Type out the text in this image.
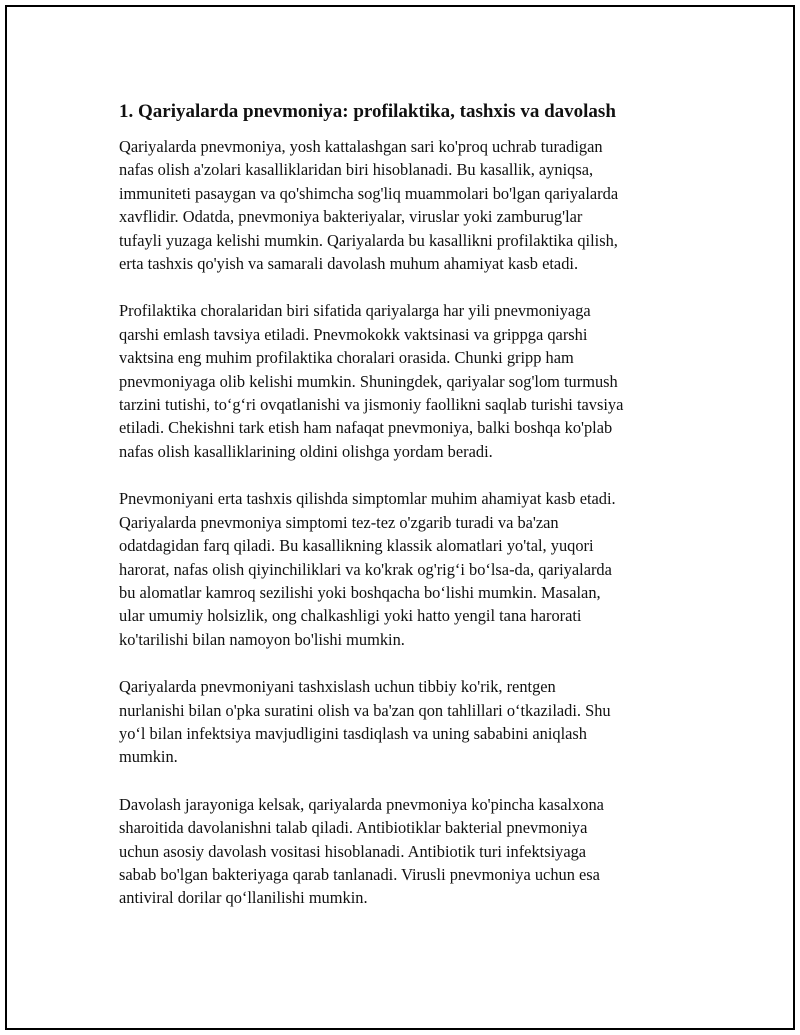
1. Qariyalarda pnevmoniya: profilaktika, tashxis va davolash

Qariyalarda pnevmoniya, yosh kattalashgan sari ko'proq uchrab turadigan
nafas olish a'zolari kasalliklaridan biri hisoblanadi. Bu kasallik, ayniqsa,
immuniteti pasaygan va qo'shimcha sog'liq muammolari bo'lgan qariyalarda
xavflidir. Odatda, pnevmoniya bakteriyalar, viruslar yoki zamburug'lar
tufayli yuzaga kelishi mumkin. Qariyalarda bu kasallikni profilaktika qilish,
erta tashxis qo'yish va samarali davolash muhum ahamiyat kasb etadi.

Profilaktika choralaridan biri sifatida qariyalarga har yili pnevmoniyaga
qarshi emlash tavsiya etiladi. Pnevmokokk vaktsinasi va grippga qarshi
vaktsina eng muhim profilaktika choralari orasida. Chunki gripp ham
pnevmoniyaga olib kelishi mumkin. Shuningdek, qariyalar sog'lom turmush
tarzini tutishi, to‘g‘ri ovqatlanishi va jismoniy faollikni saqlab turishi tavsiya
etiladi. Chekishni tark etish ham nafaqat pnevmoniya, balki boshqa ko'plab
nafas olish kasalliklarining oldini olishga yordam beradi.

Pnevmoniyani erta tashxis qilishda simptomlar muhim ahamiyat kasb etadi.
Qariyalarda pnevmoniya simptomi tez-tez o'zgarib turadi va ba'zan
odatdagidan farq qiladi. Bu kasallikning klassik alomatlari yo'tal, yuqori
harorat, nafas olish qiyinchiliklari va ko'krak og'rig‘i bo‘lsa-da, qariyalarda
bu alomatlar kamroq sezilishi yoki boshqacha bo‘lishi mumkin. Masalan,
ular umumiy holsizlik, ong chalkashligi yoki hatto yengil tana harorati
ko'tarilishi bilan namoyon bo'lishi mumkin.

Qariyalarda pnevmoniyani tashxislash uchun tibbiy ko'rik, rentgen
nurlanishi bilan o'pka suratini olish va ba'zan qon tahlillari o‘tkaziladi. Shu
yo‘l bilan infektsiya mavjudligini tasdiqlash va uning sababini aniqlash
mumkin.

Davolash jarayoniga kelsak, qariyalarda pnevmoniya ko'pincha kasalxona
sharoitida davolanishni talab qiladi. Antibiotiklar bakterial pnevmoniya
uchun asosiy davolash vositasi hisoblanadi. Antibiotik turi infektsiyaga
sabab bo'lgan bakteriyaga qarab tanlanadi. Virusli pnevmoniya uchun esa
antiviral dorilar qo‘llanilishi mumkin.
